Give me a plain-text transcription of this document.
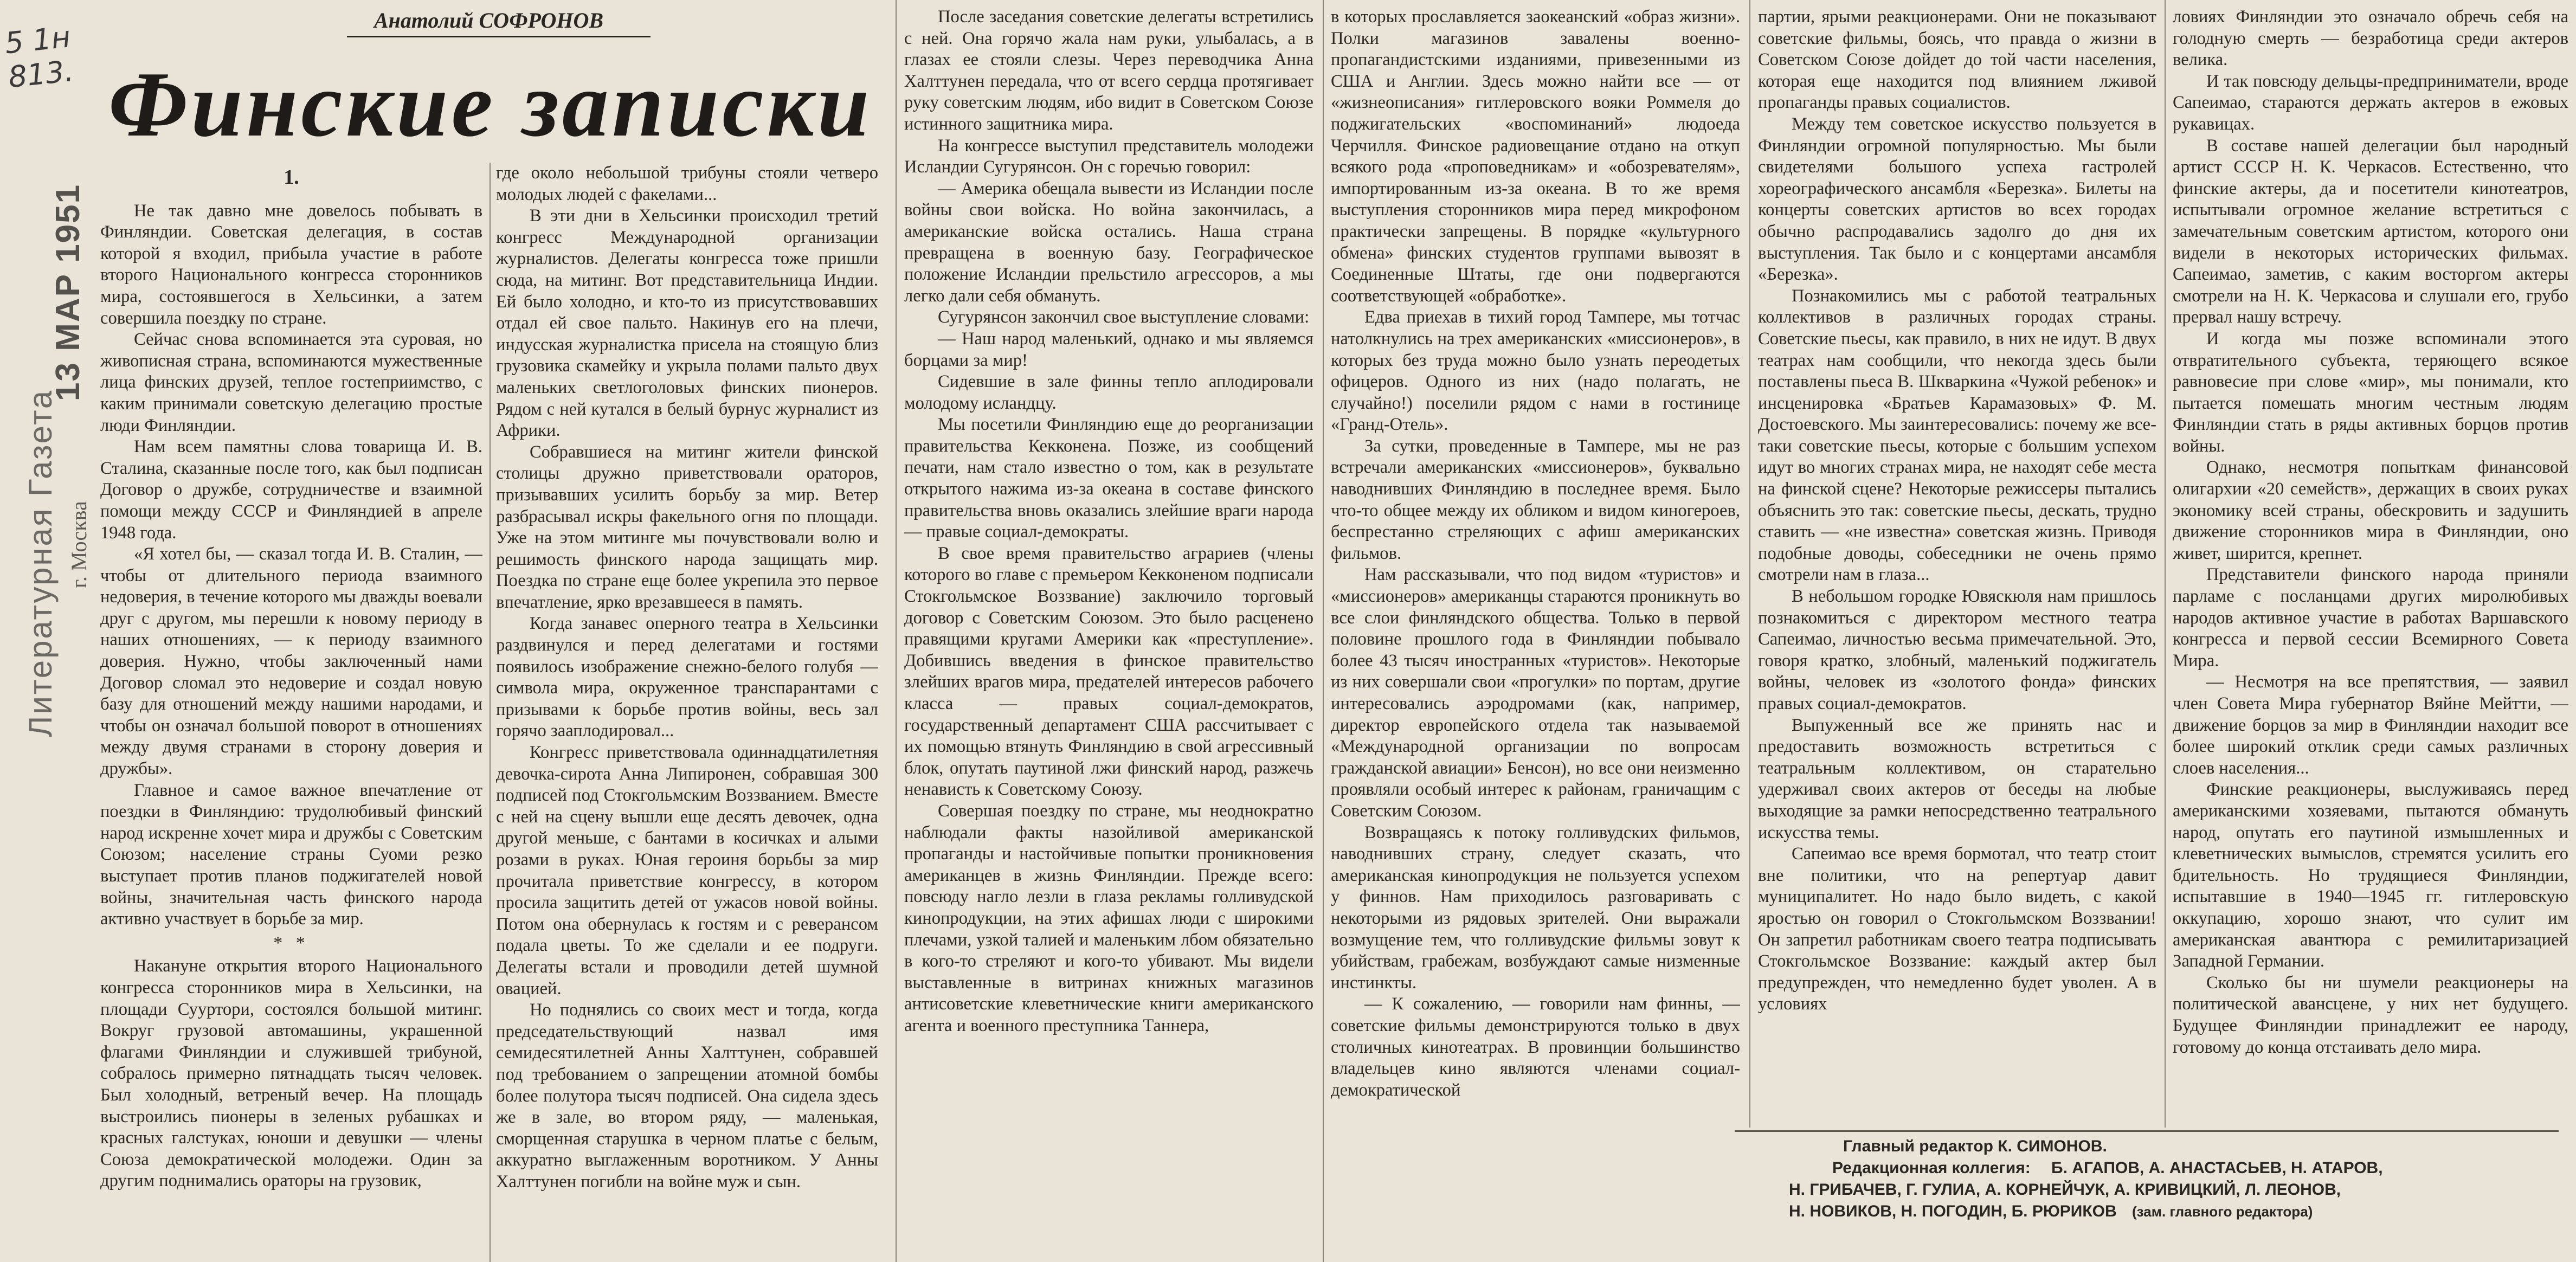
5 1н 813.
13 МАР 1951
г. Москва
Литературная Газета
Анатолий СОФРОНОВ
Финские записки

1.

Не так давно мне довелось побывать в Финляндии. Советская делегация, в состав которой я входил, прибыла участие в работе второго Национального конгресса сторонников мира, состоявшегося в Хельсинки, а затем совершила поездку по стране.

Сейчас снова вспоминается эта суровая, но живописная страна, вспоминаются мужественные лица финских друзей, теплое гостеприимство, с каким принимали советскую делегацию простые люди Финляндии.

Нам всем памятны слова товарища И. В. Сталина, сказанные после того, как был подписан Договор о дружбе, сотрудничестве и взаимной помощи между СССР и Финляндией в апреле 1948 года.

«Я хотел бы, — сказал тогда И. В. Сталин, — чтобы от длительного периода взаимного недоверия, в течение которого мы дважды воевали друг с другом, мы перешли к новому периоду в наших отношениях, — к периоду взаимного доверия. Нужно, чтобы заключенный нами Договор сломал это недоверие и создал новую базу для отношений между нашими народами, и чтобы он означал большой поворот в отношениях между двумя странами в сторону доверия и дружбы».

Главное и самое важное впечатление от поездки в Финляндию: трудолюбивый финский народ искренне хочет мира и дружбы с Советским Союзом; население страны Суоми резко выступает против планов поджигателей новой войны, значительная часть финского народа активно участвует в борьбе за мир.

* *

Накануне открытия второго Национального конгресса сторонников мира в Хельсинки, на площади Сууртори, состоялся большой митинг. Вокруг грузовой автомашины, украшенной флагами Финляндии и служившей трибуной, собралось примерно пятнадцать тысяч человек. Был холодный, ветреный вечер. На площадь выстроились пионеры в зеленых рубашках и красных галстуках, юноши и девушки — члены Союза демократической молодежи. Один за другим поднимались ораторы на грузовик,

где около небольшой трибуны стояли четверо молодых людей с факелами...

В эти дни в Хельсинки происходил третий конгресс Международной организации журналистов. Делегаты конгресса тоже пришли сюда, на митинг. Вот представительница Индии. Ей было холодно, и кто-то из присутствовавших отдал ей свое пальто. Накинув его на плечи, индусская журналистка присела на стоящую близ грузовика скамейку и укрыла полами пальто двух маленьких светлоголовых финских пионеров. Рядом с ней кутался в белый бурнус журналист из Африки.

Собравшиеся на митинг жители финской столицы дружно приветствовали ораторов, призывавших усилить борьбу за мир. Ветер разбрасывал искры факельного огня по площади. Уже на этом митинге мы почувствовали волю и решимость финского народа защищать мир. Поездка по стране еще более укрепила это первое впечатление, ярко врезавшееся в память.

Когда занавес оперного театра в Хельсинки раздвинулся и перед делегатами и гостями появилось изображение снежно-белого голубя — символа мира, окруженное транспарантами с призывами к борьбе против войны, весь зал горячо зааплодировал...

Конгресс приветствовала одиннадцатилетняя девочка-сирота Анна Липиронен, собравшая 300 подписей под Стокгольмским Воззванием. Вместе с ней на сцену вышли еще десять девочек, одна другой меньше, с бантами в косичках и алыми розами в руках. Юная героиня борьбы за мир прочитала приветствие конгрессу, в котором просила защитить детей от ужасов новой войны. Потом она обернулась к гостям и с реверансом подала цветы. То же сделали и ее подруги. Делегаты встали и проводили детей шумной овацией.

Но поднялись со своих мест и тогда, когда председательствующий назвал имя семидесятилетней Анны Халттунен, собравшей под требованием о запрещении атомной бомбы более полутора тысяч подписей. Она сидела здесь же в зале, во втором ряду, — маленькая, сморщенная старушка в черном платье с белым, аккуратно выглаженным воротником. У Анны Халттунен погибли на войне муж и сын.

После заседания советские делегаты встретились с ней. Она горячо жала нам руки, улыбалась, а в глазах ее стояли слезы. Через переводчика Анна Халттунен передала, что от всего сердца протягивает руку советским людям, ибо видит в Советском Союзе истинного защитника мира.

На конгрессе выступил представитель молодежи Исландии Сугурянсон. Он с горечью говорил:

— Америка обещала вывести из Исландии после войны свои войска. Но война закончилась, а американские войска остались. Наша страна превращена в военную базу. Географическое положение Исландии прельстило агрессоров, а мы легко дали себя обмануть.

Сугурянсон закончил свое выступление словами:

— Наш народ маленький, однако и мы являемся борцами за мир!

Сидевшие в зале финны тепло аплодировали молодому исландцу.

Мы посетили Финляндию еще до реорганизации правительства Кекконена. Позже, из сообщений печати, нам стало известно о том, как в результате открытого нажима из-за океана в составе финского правительства вновь оказались злейшие враги народа — правые социал-демократы.

В свое время правительство аграриев (члены которого во главе с премьером Кекконеном подписали Стокгольмское Воззвание) заключило торговый договор с Советским Союзом. Это было расценено правящими кругами Америки как «преступление». Добившись введения в финское правительство злейших врагов мира, предателей интересов рабочего класса — правых социал-демократов, государственный департамент США рассчитывает с их помощью втянуть Финляндию в свой агрессивный блок, опутать паутиной лжи финский народ, разжечь ненависть к Советскому Союзу.

Совершая поездку по стране, мы неоднократно наблюдали факты назойливой американской пропаганды и настойчивые попытки проникновения американцев в жизнь Финляндии. Прежде всего: повсюду нагло лезли в глаза рекламы голливудской кинопродукции, на этих афишах люди с широкими плечами, узкой талией и маленьким лбом обязательно в кого-то стреляют и кого-то убивают. Мы видели выставленные в витринах книжных магазинов антисоветские клеветнические книги американского агента и военного преступника Таннера,

в которых прославляется заокеанский «образ жизни». Полки магазинов завалены военно-пропагандистскими изданиями, привезенными из США и Англии. Здесь можно найти все — от «жизнеописания» гитлеровского вояки Роммеля до поджигательских «воспоминаний» людоеда Черчилля. Финское радиовещание отдано на откуп всякого рода «проповедникам» и «обозревателям», импортированным из-за океана. В то же время выступления сторонников мира перед микрофоном практически запрещены. В порядке «культурного обмена» финских студентов группами вывозят в Соединенные Штаты, где они подвергаются соответствующей «обработке».

Едва приехав в тихий город Тампере, мы тотчас натолкнулись на трех американских «миссионеров», в которых без труда можно было узнать переодетых офицеров. Одного из них (надо полагать, не случайно!) поселили рядом с нами в гостинице «Гранд-Отель».

За сутки, проведенные в Тампере, мы не раз встречали американских «миссионеров», буквально наводнивших Финляндию в последнее время. Было что-то общее между их обликом и видом киногероев, беспрестанно стреляющих с афиш американских фильмов.

Нам рассказывали, что под видом «туристов» и «миссионеров» американцы стараются проникнуть во все слои финляндского общества. Только в первой половине прошлого года в Финляндии побывало более 43 тысяч иностранных «туристов». Некоторые из них совершали свои «прогулки» по портам, другие интересовались аэродромами (как, например, директор европейского отдела так называемой «Международной организации по вопросам гражданской авиации» Бенсон), но все они неизменно проявляли особый интерес к районам, граничащим с Советским Союзом.

Возвращаясь к потоку голливудских фильмов, наводнивших страну, следует сказать, что американская кинопродукция не пользуется успехом у финнов. Нам приходилось разговаривать с некоторыми из рядовых зрителей. Они выражали возмущение тем, что голливудские фильмы зовут к убийствам, грабежам, возбуждают самые низменные инстинкты.

— К сожалению, — говорили нам финны, — советские фильмы демонстрируются только в двух столичных кинотеатрах. В провинции большинство владельцев кино являются членами социал-демократической

партии, ярыми реакционерами. Они не показывают советские фильмы, боясь, что правда о жизни в Советском Союзе дойдет до той части населения, которая еще находится под влиянием лживой пропаганды правых социалистов.

Между тем советское искусство пользуется в Финляндии огромной популярностью. Мы были свидетелями большого успеха гастролей хореографического ансамбля «Березка». Билеты на концерты советских артистов во всех городах обычно распродавались задолго до дня их выступления. Так было и с концертами ансамбля «Березка».

Познакомились мы с работой театральных коллективов в различных городах страны. Советские пьесы, как правило, в них не идут. В двух театрах нам сообщили, что некогда здесь были поставлены пьеса В. Шкваркина «Чужой ребенок» и инсценировка «Братьев Карамазовых» Ф. М. Достоевского. Мы заинтересовались: почему же все-таки советские пьесы, которые с большим успехом идут во многих странах мира, не находят себе места на финской сцене? Некоторые режиссеры пытались объяснить это так: советские пьесы, дескать, трудно ставить — «не известна» советская жизнь. Приводя подобные доводы, собеседники не очень прямо смотрели нам в глаза...

В небольшом городке Ювяскюля нам пришлось познакомиться с директором местного театра Сапеимао, личностью весьма примечательной. Это, говоря кратко, злобный, маленький поджигатель войны, человек из «золотого фонда» финских правых социал-демократов.

Выпуженный все же принять нас и предоставить возможность встретиться с театральным коллективом, он старательно удерживал своих актеров от беседы на любые выходящие за рамки непосредственно театрального искусства темы.

Сапеимао все время бормотал, что театр стоит вне политики, что на репертуар давит муниципалитет. Но надо было видеть, с какой яростью он говорил о Стокгольмском Воззвании! Он запретил работникам своего театра подписывать Стокгольмское Воззвание: каждый актер был предупрежден, что немедленно будет уволен. А в условиях

ловиях Финляндии это означало обречь себя на голодную смерть — безработица среди актеров велика.

И так повсюду дельцы-предприниматели, вроде Сапеимао, стараются держать актеров в ежовых рукавицах.

В составе нашей делегации был народный артист СССР Н. К. Черкасов. Естественно, что финские актеры, да и посетители кинотеатров, испытывали огромное желание встретиться с замечательным советским артистом, которого они видели в некоторых исторических фильмах. Сапеимао, заметив, с каким восторгом актеры смотрели на Н. К. Черкасова и слушали его, грубо прервал нашу встречу.

И когда мы позже вспоминали этого отвратительного субъекта, теряющего всякое равновесие при слове «мир», мы понимали, кто пытается помешать многим честным людям Финляндии стать в ряды активных борцов против войны.

Однако, несмотря попыткам финансовой олигархии «20 семейств», держащих в своих руках экономику всей страны, обескровить и задушить движение сторонников мира в Финляндии, оно живет, ширится, крепнет.

Представители финского народа приняли парламе с посланцами других миролюбивых народов активное участие в работах Варшавского конгресса и первой сессии Всемирного Совета Мира.

— Несмотря на все препятствия, — заявил член Совета Мира губернатор Вяйне Мейтти, — движение борцов за мир в Финляндии находит все более широкий отклик среди самых различных слоев населения...

Финские реакционеры, выслуживаясь перед американскими хозяевами, пытаются обмануть народ, опутать его паутиной измышленных и клеветнических вымыслов, стремятся усилить его бдительность. Но трудящиеся Финляндии, испытавшие в 1940—1945 гг. гитлеровскую оккупацию, хорошо знают, что сулит им американская авантюра с ремилитаризацией Западной Германии.

Сколько бы ни шумели реакционеры на политической авансцене, у них нет будущего. Будущее Финляндии принадлежит ее народу, готовому до конца отстаивать дело мира.

Главный редактор К. СИМОНОВ.
Редакционная коллегия: Б. АГАПОВ, А. АНАСТАСЬЕВ, Н. АТАРОВ,
Н. ГРИБАЧЕВ, Г. ГУЛИА, А. КОРНЕЙЧУК, А. КРИВИЦКИЙ, Л. ЛЕОНОВ,
Н. НОВИКОВ, Н. ПОГОДИН, Б. РЮРИКОВ (зам. главного редактора)
